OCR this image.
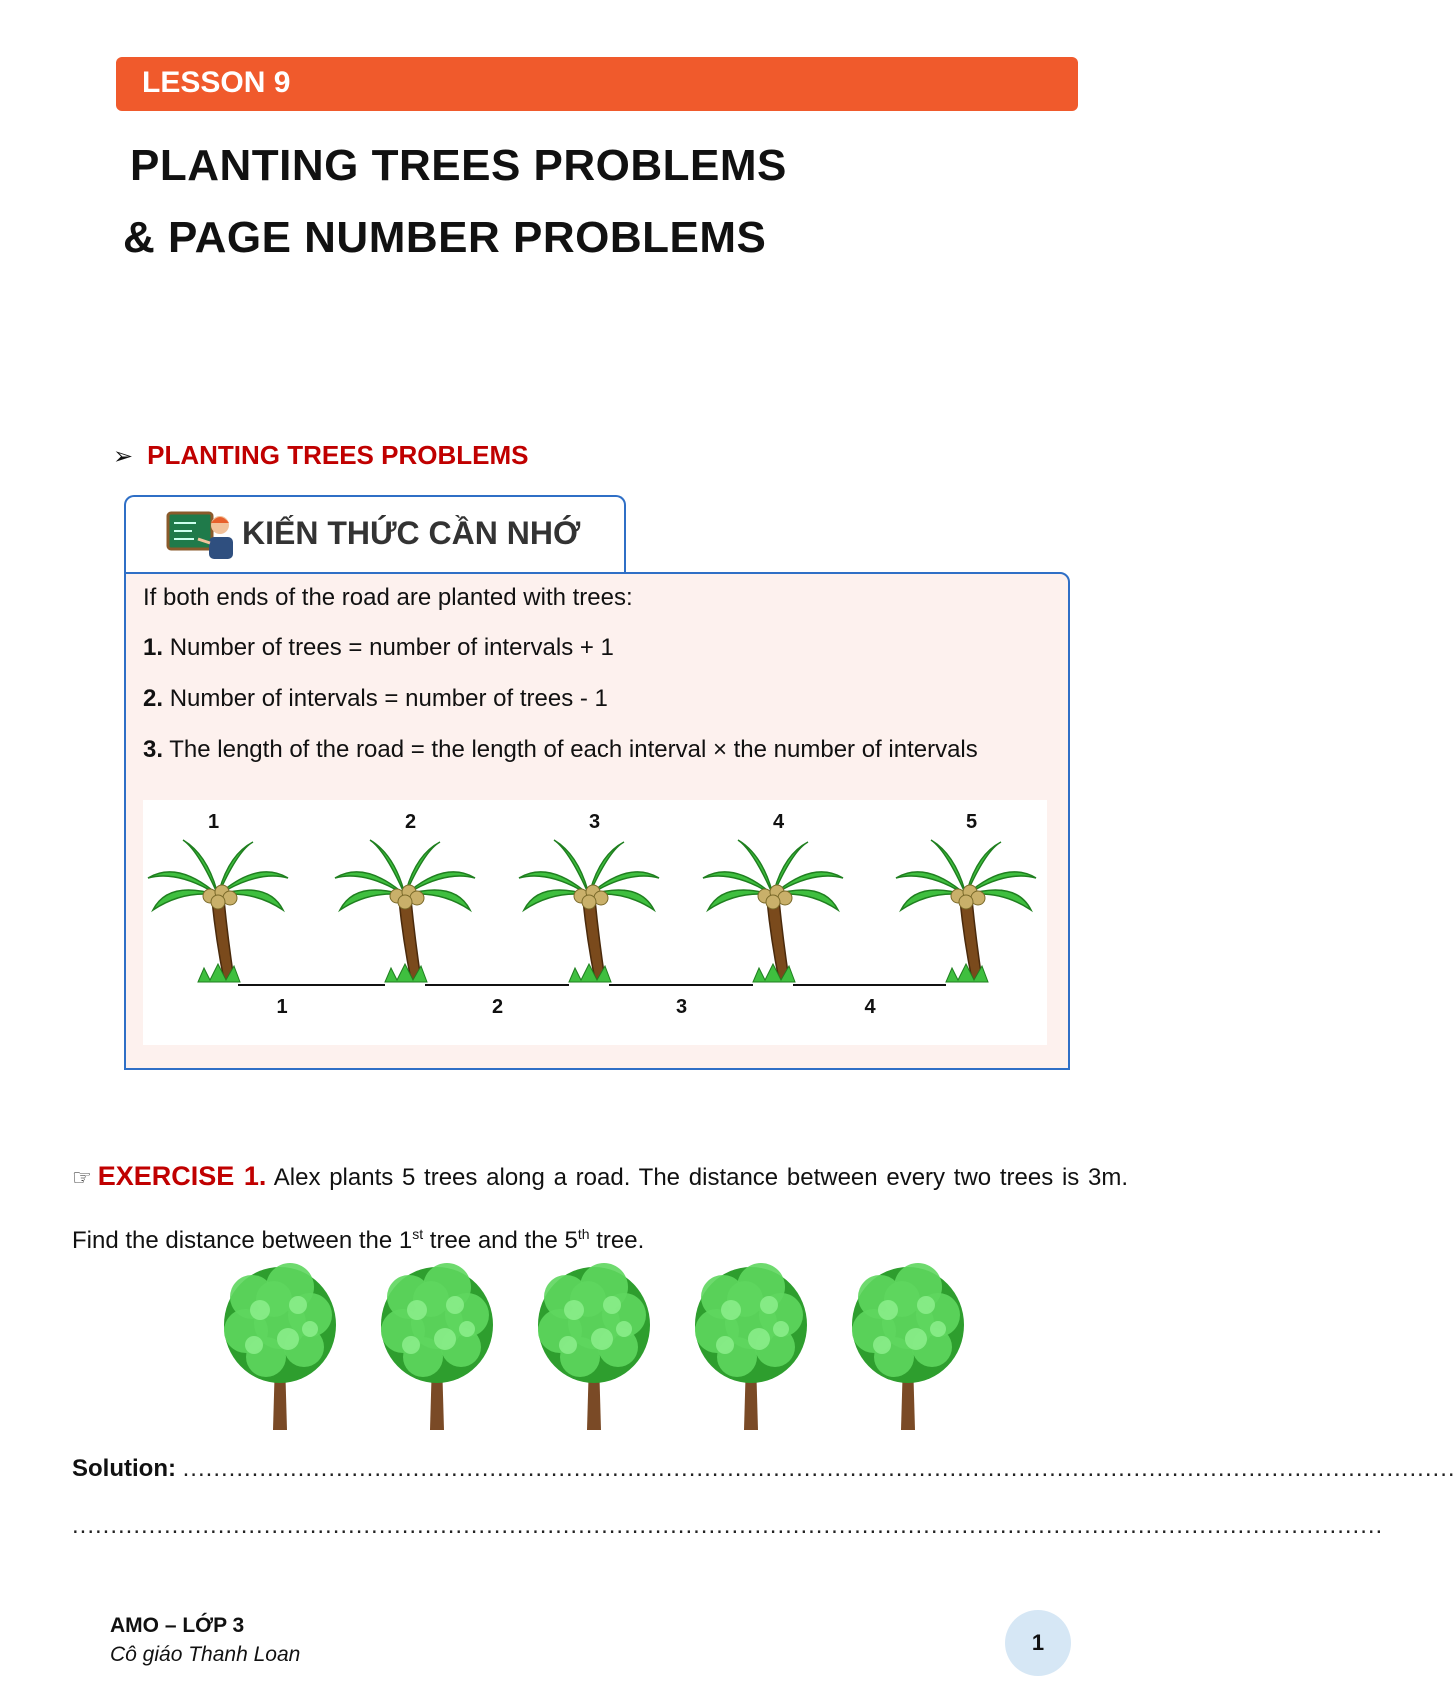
LESSON 9
PLANTING TREES PROBLEMS
& PAGE NUMBER PROBLEMS
➢ PLANTING TREES PROBLEMS
KIẾN THỨC CẦN NHỚ
If both ends of the road are planted with trees:
1. Number of trees = number of intervals + 1
2. Number of intervals = number of trees - 1
3. The length of the road = the length of each interval × the number of intervals
1	2	3	4	5
1	2	3	4
☞ EXERCISE 1. Alex plants 5 trees along a road. The distance between every two trees is 3m. Find the distance between the 1st tree and the 5th tree.
Solution: ......................................................................................................................................................................
...........................................................................................................................................................................
AMO – LỚP 3
Cô giáo Thanh Loan	1
